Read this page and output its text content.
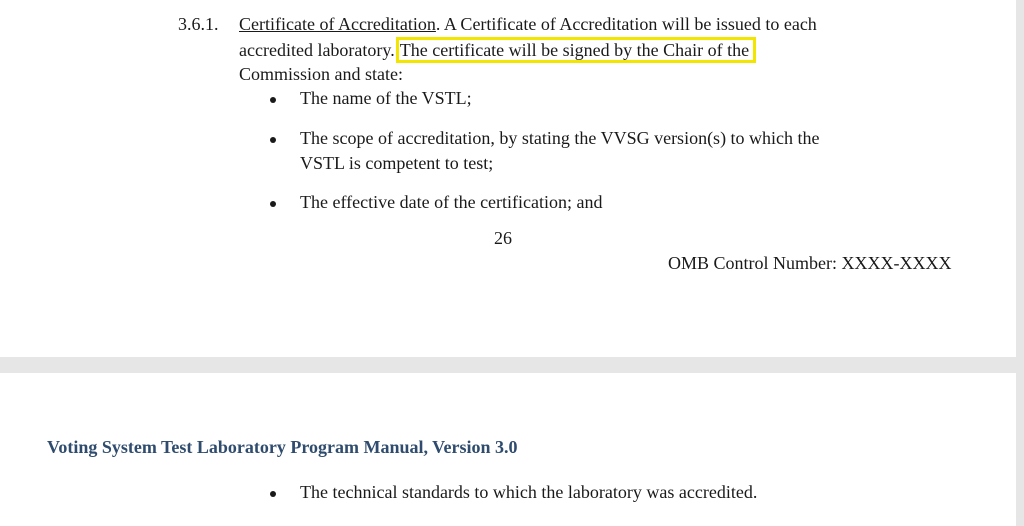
3.6.1. Certificate of Accreditation. A Certificate of Accreditation will be issued to each
accredited laboratory. The certificate will be signed by the Chair of the
Commission and state:
The name of the VSTL;
The scope of accreditation, by stating the VVSG version(s) to which the
VSTL is competent to test;
The effective date of the certification; and
26
OMB Control Number: XXXX-XXXX
Voting System Test Laboratory Program Manual, Version 3.0
The technical standards to which the laboratory was accredited.
